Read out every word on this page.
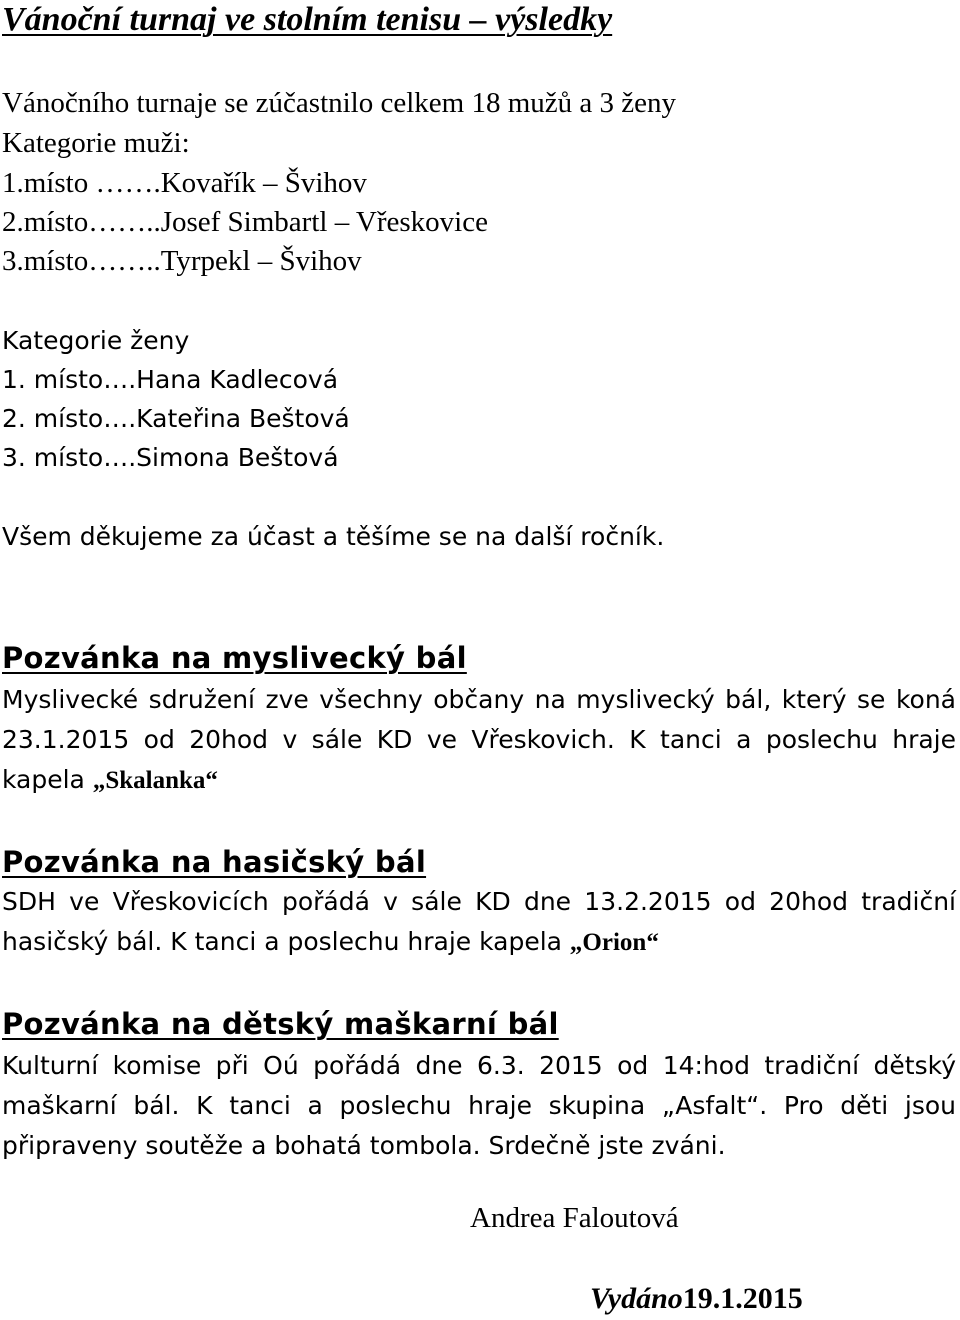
Vánoční turnaj ve stolním tenisu – výsledky
Vánočního turnaje se zúčastnilo celkem 18 mužů a 3 ženy
Kategorie muži:
1.místo …….Kovařík – Švihov
2.místo……..Josef Simbartl – Vřeskovice
3.místo……..Tyrpekl – Švihov
Kategorie ženy
1. místo….Hana Kadlecová
2. místo….Kateřina Beštová
3. místo….Simona Beštová
Všem děkujeme za účast a těšíme se na další ročník.
Pozvánka na myslivecký bál
Myslivecké sdružení zve všechny občany na myslivecký bál, který se koná 23.1.2015 od 20hod v sále KD ve Vřeskovich. K tanci a poslechu hraje kapela „Skalanka“
Pozvánka na hasičský bál
SDH ve Vřeskovicích pořádá v sále KD dne 13.2.2015 od 20hod tradiční hasičský bál. K tanci a poslechu hraje kapela „Orion“
Pozvánka na dětský maškarní bál
Kulturní komise při Oú pořádá dne 6.3. 2015 od 14:hod tradiční dětský maškarní bál. K tanci a poslechu hraje skupina „Asfalt“. Pro děti jsou připraveny soutěže a bohatá tombola. Srdečně jste zváni.
Andrea Faloutová
Vydáno19.1.2015
